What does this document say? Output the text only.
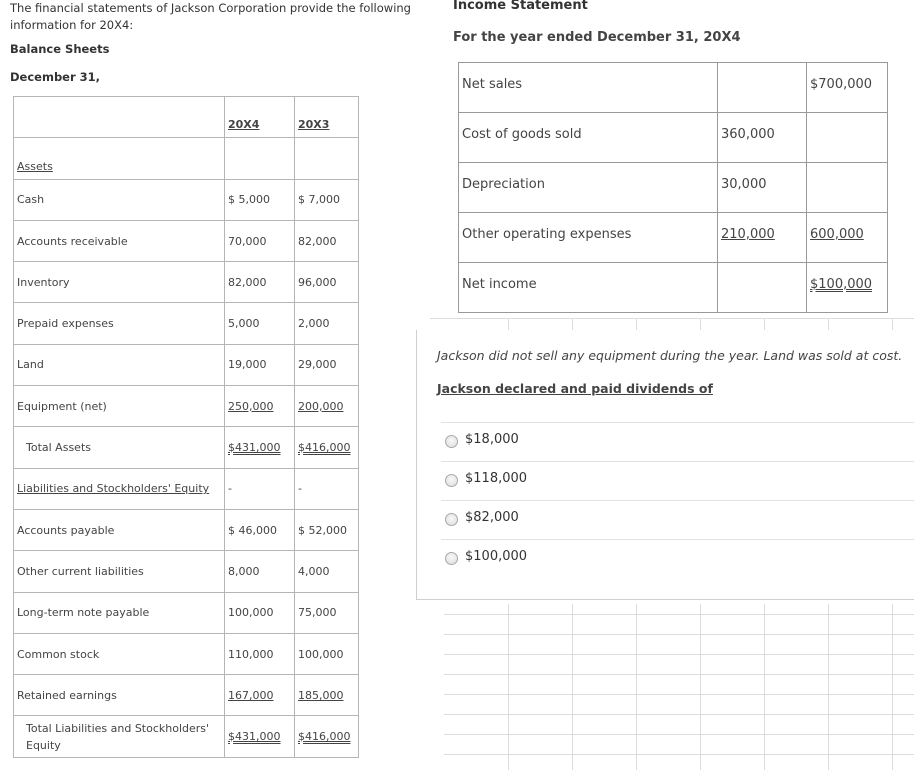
The financial statements of Jackson Corporation provide the following information for 20X4:
Balance Sheets
December 31,
	20X4	20X3
Assets		
Cash	$ 5,000	$ 7,000
Accounts receivable	70,000	82,000
Inventory	82,000	96,000
Prepaid expenses	5,000	2,000
Land	19,000	29,000
Equipment (net)	250,000	200,000
Total Assets	$431,000	$416,000
Liabilities and Stockholders' Equity	-	-
Accounts payable	$ 46,000	$ 52,000
Other current liabilities	8,000	4,000
Long-term note payable	100,000	75,000
Common stock	110,000	100,000
Retained earnings	167,000	185,000

Total Liabilities and Stockholders' Equity	$431,000	$416,000
Income Statement
For the year ended December 31, 20X4
Net sales		$700,000
Cost of goods sold	360,000	
Depreciation	30,000	
Other operating expenses	210,000	600,000
Net income		$100,000
Jackson did not sell any equipment during the year. Land was sold at cost.
Jackson declared and paid dividends of
$18,000
$118,000
$82,000
$100,000
